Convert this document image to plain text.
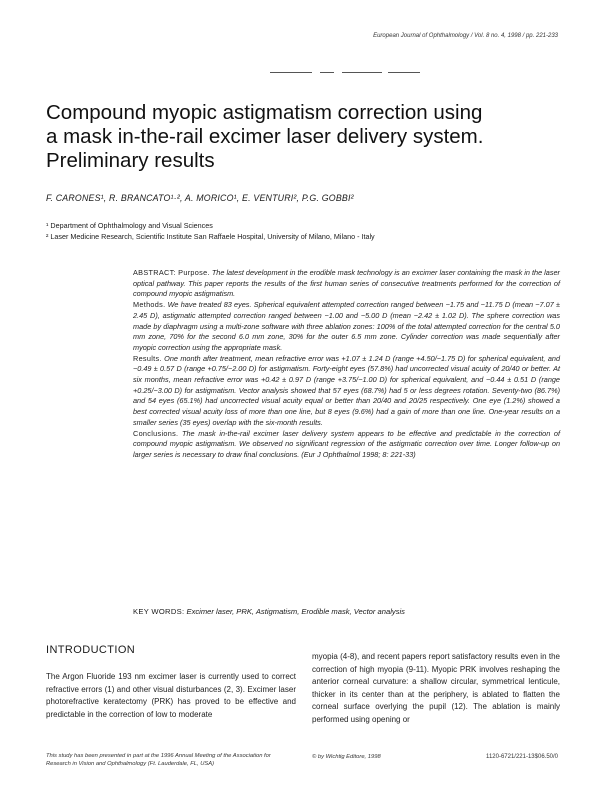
European Journal of Ophthalmology / Vol. 8 no. 4, 1998 / pp. 221-233
Compound myopic astigmatism correction using
a mask in-the-rail excimer laser delivery system.
Preliminary results
F. CARONES¹, R. BRANCATO¹·², A. MORICO¹, E. VENTURI², P.G. GOBBI²
¹ Department of Ophthalmology and Visual Sciences
² Laser Medicine Research, Scientific Institute San Raffaele Hospital, University of Milano, Milano - Italy

ABSTRACT: Purpose. The latest development in the erodible mask technology is an excimer laser containing the mask in the laser optical pathway. This paper reports the results of the first human series of consecutive treatments performed for the correction of compound myopic astigmatism.

Methods. We have treated 83 eyes. Spherical equivalent attempted correction ranged between −1.75 and −11.75 D (mean −7.07 ± 2.45 D), astigmatic attempted correction ranged between −1.00 and −5.00 D (mean −2.42 ± 1.02 D). The sphere correction was made by diaphragm using a multi-zone software with three ablation zones: 100% of the total attempted correction for the central 5.0 mm zone, 70% for the second 6.0 mm zone, 30% for the outer 6.5 mm zone. Cylinder correction was made sequentially after myopic correction using the appropriate mask.

Results. One month after treatment, mean refractive error was +1.07 ± 1.24 D (range +4.50/−1.75 D) for spherical equivalent, and −0.49 ± 0.57 D (range +0.75/−2.00 D) for astigmatism. Forty-eight eyes (57.8%) had uncorrected visual acuity of 20/40 or better. At six months, mean refractive error was +0.42 ± 0.97 D (range +3.75/−1.00 D) for spherical equivalent, and −0.44 ± 0.51 D (range +0.25/−3.00 D) for astigmatism. Vector analysis showed that 57 eyes (68.7%) had 5 or less degrees rotation. Seventy-two (86.7%) and 54 eyes (65.1%) had uncorrected visual acuity equal or better than 20/40 and 20/25 respectively. One eye (1.2%) showed a best corrected visual acuity loss of more than one line, but 8 eyes (9.6%) had a gain of more than one line. One-year results on a smaller series (35 eyes) overlap with the six-month results.

Conclusions. The mask in-the-rail excimer laser delivery system appears to be effective and predictable in the correction of compound myopic astigmatism. We observed no significant regression of the astigmatic correction over time. Longer follow-up on larger series is necessary to draw final conclusions. (Eur J Ophthalmol 1998; 8: 221-33)

KEY WORDS: Excimer laser, PRK, Astigmatism, Erodible mask, Vector analysis
INTRODUCTION

The Argon Fluoride 193 nm excimer laser is currently used to correct refractive errors (1) and other visual disturbances (2, 3). Excimer laser photorefractive keratectomy (PRK) has proved to be effective and predictable in the correction of low to moderate

myopia (4-8), and recent papers report satisfactory results even in the correction of high myopia (9-11). Myopic PRK involves reshaping the anterior corneal curvature: a shallow circular, symmetrical lenticule, thicker in its center than at the periphery, is ablated to flatten the corneal surface overlying the pupil (12). The ablation is mainly performed using opening or

This study has been presented in part at the 1996 Annual Meeting of the Association for Research in Vision and Ophthalmology (Ft. Lauderdale, FL, USA)
© by Wichtig Editore, 1998	1120-6721/221-13$06.50/0
